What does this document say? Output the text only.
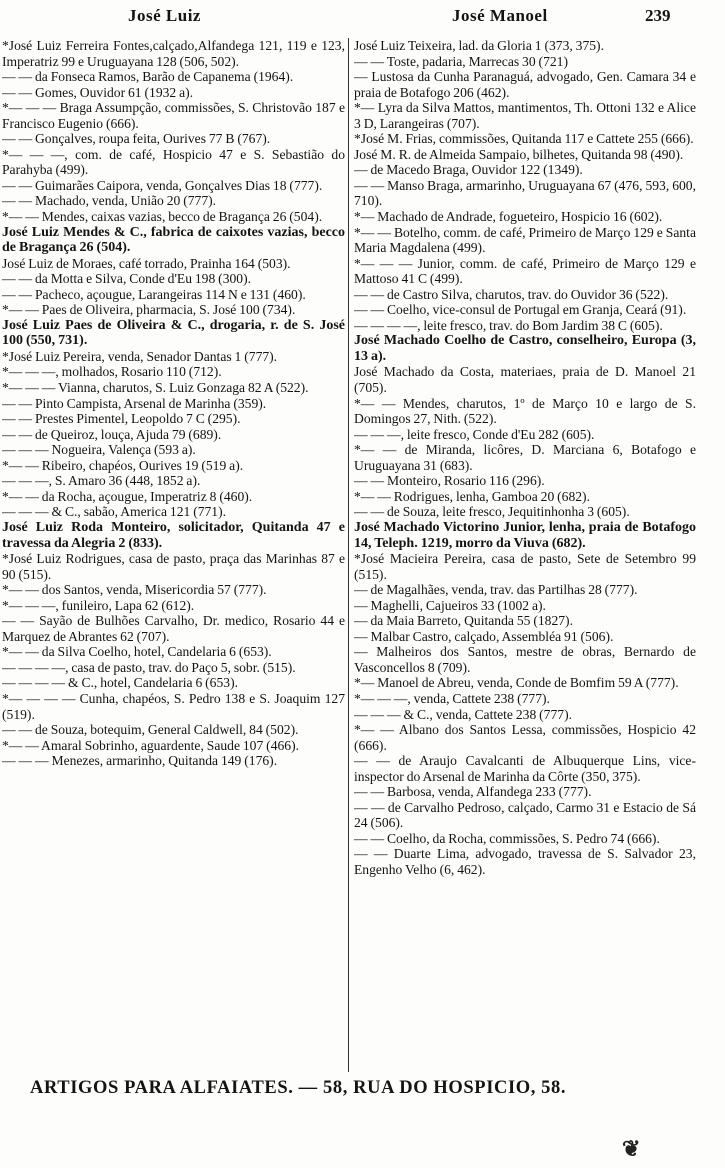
José Luiz	José Manoel	239

*José Luiz Ferreira Fontes,calçado,Alfandega 121, 119 e 123, Imperatriz 99 e Uruguayana 128 (506, 502).

— — da Fonseca Ramos, Barão de Capanema (1964).

— — Gomes, Ouvidor 61 (1932 a).

*— — — Braga Assumpção, commissões, S. Christovão 187 e Francisco Eugenio (666).

— — Gonçalves, roupa feita, Ourives 77 B (767).

*— — —, com. de café, Hospicio 47 e S. Sebastião do Parahyba (499).

— — Guimarães Caipora, venda, Gonçalves Dias 18 (777).

— — Machado, venda, União 20 (777).

*— — Mendes, caixas vazias, becco de Bragança 26 (504).

José Luiz Mendes & C., fabrica de caixotes vazias, becco de Bragança 26 (504).

José Luiz de Moraes, café torrado, Prainha 164 (503).

— — da Motta e Silva, Conde d'Eu 198 (300).

— — Pacheco, açougue, Larangeiras 114 N e 131 (460).

*— — Paes de Oliveira, pharmacia, S. José 100 (734).

José Luiz Paes de Oliveira & C., drogaria, r. de S. José 100 (550, 731).

*José Luiz Pereira, venda, Senador Dantas 1 (777).

*— — —, molhados, Rosario 110 (712).

*— — — Vianna, charutos, S. Luiz Gonzaga 82 A (522).

— — Pinto Campista, Arsenal de Marinha (359).

— — Prestes Pimentel, Leopoldo 7 C (295).

— — de Queiroz, louça, Ajuda 79 (689).

— — — Nogueira, Valença (593 a).

*— — Ribeiro, chapéos, Ourives 19 (519 a).

— — —, S. Amaro 36 (448, 1852 a).

*— — da Rocha, açougue, Imperatriz 8 (460).

— — — & C., sabão, America 121 (771).

José Luiz Roda Monteiro, solicitador, Quitanda 47 e travessa da Alegria 2 (833).

*José Luiz Rodrigues, casa de pasto, praça das Marinhas 87 e 90 (515).

*— — dos Santos, venda, Misericordia 57 (777).

*— — —, funileiro, Lapa 62 (612).

— — Sayão de Bulhões Carvalho, Dr. medico, Rosario 44 e Marquez de Abrantes 62 (707).

*— — da Silva Coelho, hotel, Candelaria 6 (653).

— — — —, casa de pasto, trav. do Paço 5, sobr. (515).

— — — — & C., hotel, Candelaria 6 (653).

*— — — — Cunha, chapéos, S. Pedro 138 e S. Joaquim 127 (519).

— — de Souza, botequim, General Caldwell, 84 (502).

*— — Amaral Sobrinho, aguardente, Saude 107 (466).

— — — Menezes, armarinho, Quitanda 149 (176).

José Luiz Teixeira, lad. da Gloria 1 (373, 375).

— — Toste, padaria, Marrecas 30 (721)

— Lustosa da Cunha Paranaguá, advogado, Gen. Camara 34 e praia de Botafogo 206 (462).

*— Lyra da Silva Mattos, mantimentos, Th. Ottoni 132 e Alice 3 D, Larangeiras (707).

*José M. Frias, commissões, Quitanda 117 e Cattete 255 (666).

José M. R. de Almeida Sampaio, bilhetes, Quitanda 98 (490).

— de Macedo Braga, Ouvidor 122 (1349).

— — Manso Braga, armarinho, Uruguayana 67 (476, 593, 600, 710).

*— Machado de Andrade, fogueteiro, Hospicio 16 (602).

*— — Botelho, comm. de café, Primeiro de Março 129 e Santa Maria Magdalena (499).

*— — — Junior, comm. de café, Primeiro de Março 129 e Mattoso 41 C (499).

— — de Castro Silva, charutos, trav. do Ouvidor 36 (522).

— — Coelho, vice-consul de Portugal em Granja, Ceará (91).

— — — —, leite fresco, trav. do Bom Jardim 38 C (605).

José Machado Coelho de Castro, conselheiro, Europa (3, 13 a).

José Machado da Costa, materiaes, praia de D. Manoel 21 (705).

*— — Mendes, charutos, 1º de Março 10 e largo de S. Domingos 27, Nith. (522).

— — —, leite fresco, Conde d'Eu 282 (605).

*— — de Miranda, licôres, D. Marciana 6, Botafogo e Uruguayana 31 (683).

— — Monteiro, Rosario 116 (296).

*— — Rodrigues, lenha, Gamboa 20 (682).

— — de Souza, leite fresco, Jequitinhonha 3 (605).

José Machado Victorino Junior, lenha, praia de Botafogo 14, Teleph. 1219, morro da Viuva (682).

*José Macieira Pereira, casa de pasto, Sete de Setembro 99 (515).

— de Magalhães, venda, trav. das Partilhas 28 (777).

— Maghelli, Cajueiros 33 (1002 a).

— da Maia Barreto, Quitanda 55 (1827).

— Malbar Castro, calçado, Assembléa 91 (506).

— Malheiros dos Santos, mestre de obras, Bernardo de Vasconcellos 8 (709).

*— Manoel de Abreu, venda, Conde de Bomfim 59 A (777).

*— — —, venda, Cattete 238 (777).

— — — & C., venda, Cattete 238 (777).

*— — Albano dos Santos Lessa, commissões, Hospicio 42 (666).

— — de Araujo Cavalcanti de Albuquerque Lins, vice-inspector do Arsenal de Marinha da Côrte (350, 375).

— — Barbosa, venda, Alfandega 233 (777).

— — de Carvalho Pedroso, calçado, Carmo 31 e Estacio de Sá 24 (506).

— — Coelho, da Rocha, commissões, S. Pedro 74 (666).

— — Duarte Lima, advogado, travessa de S. Salvador 23, Engenho Velho (6, 462).

ARTIGOS PARA ALFAIATES. — 58, RUA DO HOSPICIO, 58.
❦
